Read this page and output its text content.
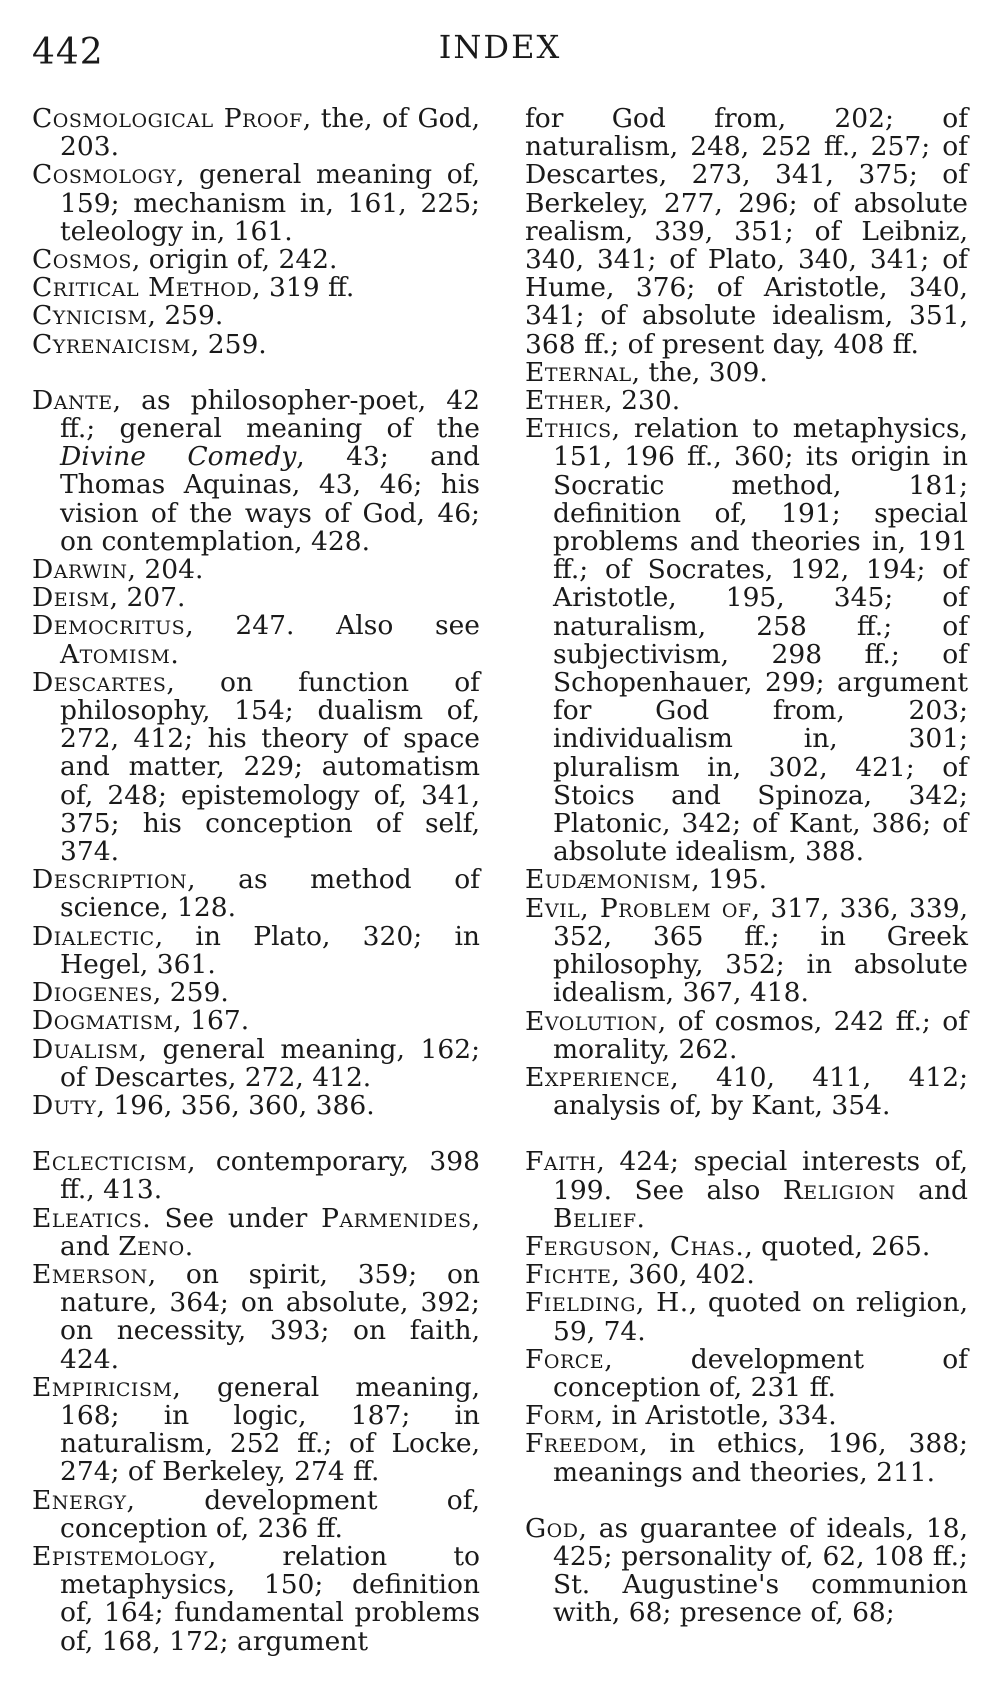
442	INDEX

Cosmological Proof, the, of God, 203.

Cosmology, general meaning of, 159; mechanism in, 161, 225; teleology in, 161.

Cosmos, origin of, 242.

Critical Method, 319 ff.

Cynicism, 259.

Cyrenaicism, 259.

Dante, as philosopher-poet, 42 ff.; general meaning of the Divine Comedy, 43; and Thomas Aquinas, 43, 46; his vision of the ways of God, 46; on contemplation, 428.

Darwin, 204.

Deism, 207.

Democritus, 247. Also see Atomism.

Descartes, on function of philosophy, 154; dualism of, 272, 412; his theory of space and matter, 229; automatism of, 248; epistemology of, 341, 375; his conception of self, 374.

Description, as method of science, 128.

Dialectic, in Plato, 320; in Hegel, 361.

Diogenes, 259.

Dogmatism, 167.

Dualism, general meaning, 162; of Descartes, 272, 412.

Duty, 196, 356, 360, 386.

Eclecticism, contemporary, 398 ff., 413.

Eleatics. See under Parmenides, and Zeno.

Emerson, on spirit, 359; on nature, 364; on absolute, 392; on necessity, 393; on faith, 424.

Empiricism, general meaning, 168; in logic, 187; in naturalism, 252 ff.; of Locke, 274; of Berkeley, 274 ff.

Energy, development of, conception of, 236 ff.

Epistemology, relation to metaphysics, 150; definition of, 164; fundamental problems of, 168, 172; argument

for God from, 202; of naturalism, 248, 252 ff., 257; of Descartes, 273, 341, 375; of Berkeley, 277, 296; of absolute realism, 339, 351; of Leibniz, 340, 341; of Plato, 340, 341; of Hume, 376; of Aristotle, 340, 341; of absolute idealism, 351, 368 ff.; of present day, 408 ff.

Eternal, the, 309.

Ether, 230.

Ethics, relation to metaphysics, 151, 196 ff., 360; its origin in Socratic method, 181; definition of, 191; special problems and theories in, 191 ff.; of Socrates, 192, 194; of Aristotle, 195, 345; of naturalism, 258 ff.; of subjectivism, 298 ff.; of Schopenhauer, 299; argument for God from, 203; individualism in, 301; pluralism in, 302, 421; of Stoics and Spinoza, 342; Platonic, 342; of Kant, 386; of absolute idealism, 388.

Eudæmonism, 195.

Evil, Problem of, 317, 336, 339, 352, 365 ff.; in Greek philosophy, 352; in absolute idealism, 367, 418.

Evolution, of cosmos, 242 ff.; of morality, 262.

Experience, 410, 411, 412; analysis of, by Kant, 354.

Faith, 424; special interests of, 199. See also Religion and Belief.

Ferguson, Chas., quoted, 265.

Fichte, 360, 402.

Fielding, H., quoted on religion, 59, 74.

Force, development of conception of, 231 ff.

Form, in Aristotle, 334.

Freedom, in ethics, 196, 388; meanings and theories, 211.

God, as guarantee of ideals, 18, 425; personality of, 62, 108 ff.; St. Augustine's communion with, 68; presence of, 68;
